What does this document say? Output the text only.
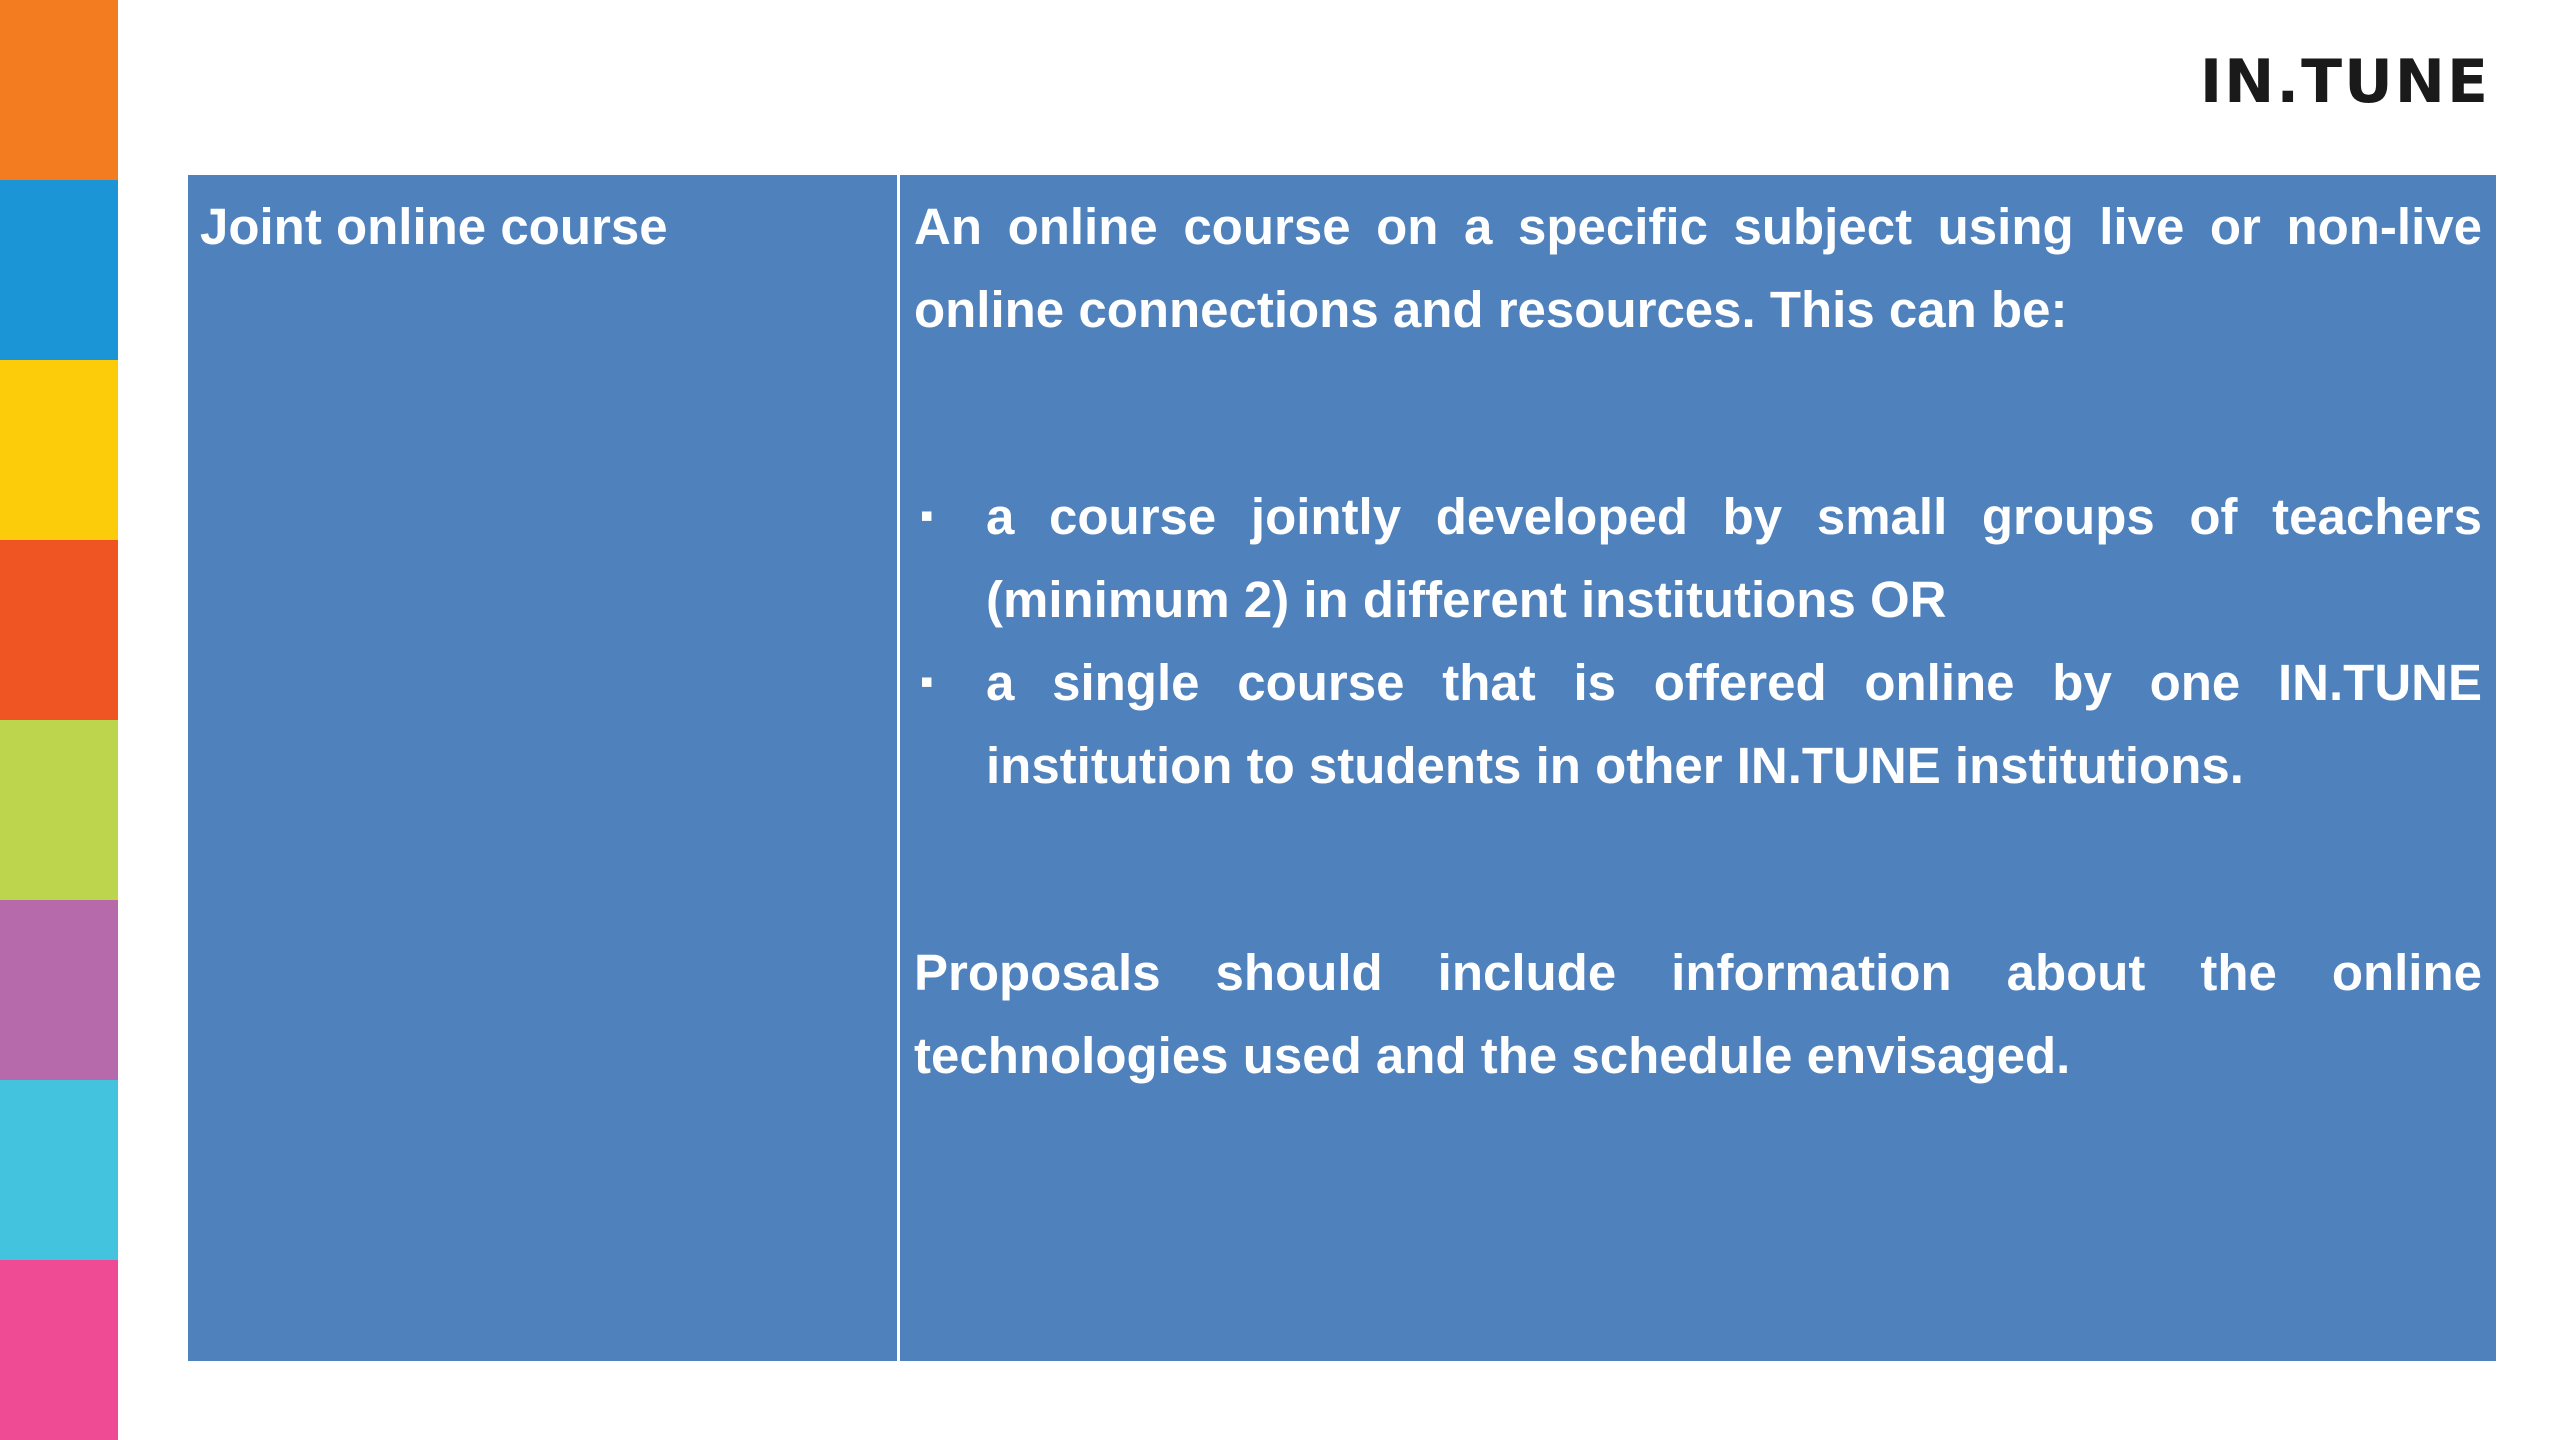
IN.TUNE
Joint online course	An online course on a specific subject using live or non-live online connections and resources. This can be:

▪ a course jointly developed by small groups of teachers (minimum 2) in different institutions OR
▪ a single course that is offered online by one IN.TUNE institution to students in other IN.TUNE institutions.

Proposals should include information about the online technologies used and the schedule envisaged.
